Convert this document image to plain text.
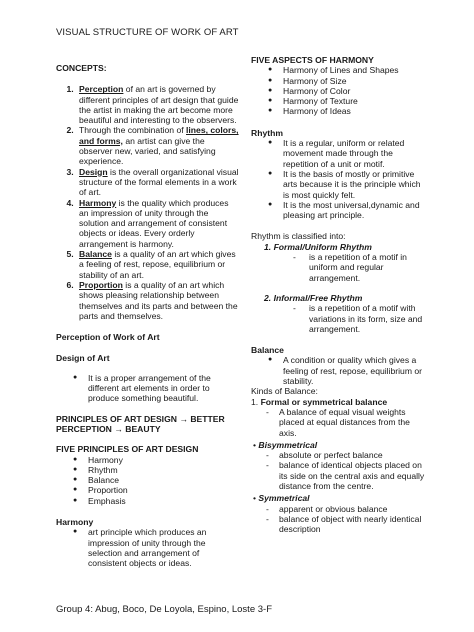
VISUAL STRUCTURE OF WORK OF ART
CONCEPTS:
1. Perception of an art is governed by different principles of art design that guide the artist in making the art become more beautiful and interesting to the observers.
2. Through the combination of lines, colors, and forms, an artist can give the observer new, varied, and satisfying experience.
3. Design is the overall organizational visual structure of the formal elements in a work of art.
4. Harmony is the quality which produces an impression of unity through the solution and arrangement of consistent objects or ideas. Every orderly arrangement is harmony.
5. Balance is a quality of an art which gives a feeling of rest, repose, equilibrium or stability of an art.
6. Proportion is a quality of an art which shows pleasing relationship between themselves and its parts and between the parts and themselves.
Perception of Work of Art
Design of Art
● It is a proper arrangement of the different art elements in order to produce something beautiful.
PRINCIPLES OF ART DESIGN → BETTER
PERCEPTION → BEAUTY
FIVE PRINCIPLES OF ART DESIGN
● Harmony
● Rhythm
● Balance
● Proportion
● Emphasis
Harmony
● art principle which produces an impression of unity through the selection and arrangement of consistent objects or ideas.
FIVE ASPECTS OF HARMONY
● Harmony of Lines and Shapes
● Harmony of Size
● Harmony of Color
● Harmony of Texture
● Harmony of Ideas
Rhythm
● It is a regular, uniform or related movement made through the repetition of a unit or motif.
● It is the basis of mostly or primitive arts because it is the principle which is most quickly felt.
● It is the most universal,dynamic and pleasing art principle.
Rhythm is classified into:
1. Formal/Uniform Rhythm
- is a repetition of a motif in uniform and regular arrangement.
2. Informal/Free Rhythm
- is a repetition of a motif with variations in its form, size and arrangement.
Balance
● A condition or quality which gives a feeling of rest, repose, equilibrium or stability.
Kinds of Balance:
1. Formal or symmetrical balance
- A balance of equal visual weights placed at equal distances from the axis.
• Bisymmetrical
- absolute or perfect balance
- balance of identical objects placed on its side on the central axis and equally distance from the centre.
• Symmetrical
- apparent or obvious balance
- balance of object with nearly identical description
Group 4: Abug, Boco, De Loyola, Espino, Loste 3-F
